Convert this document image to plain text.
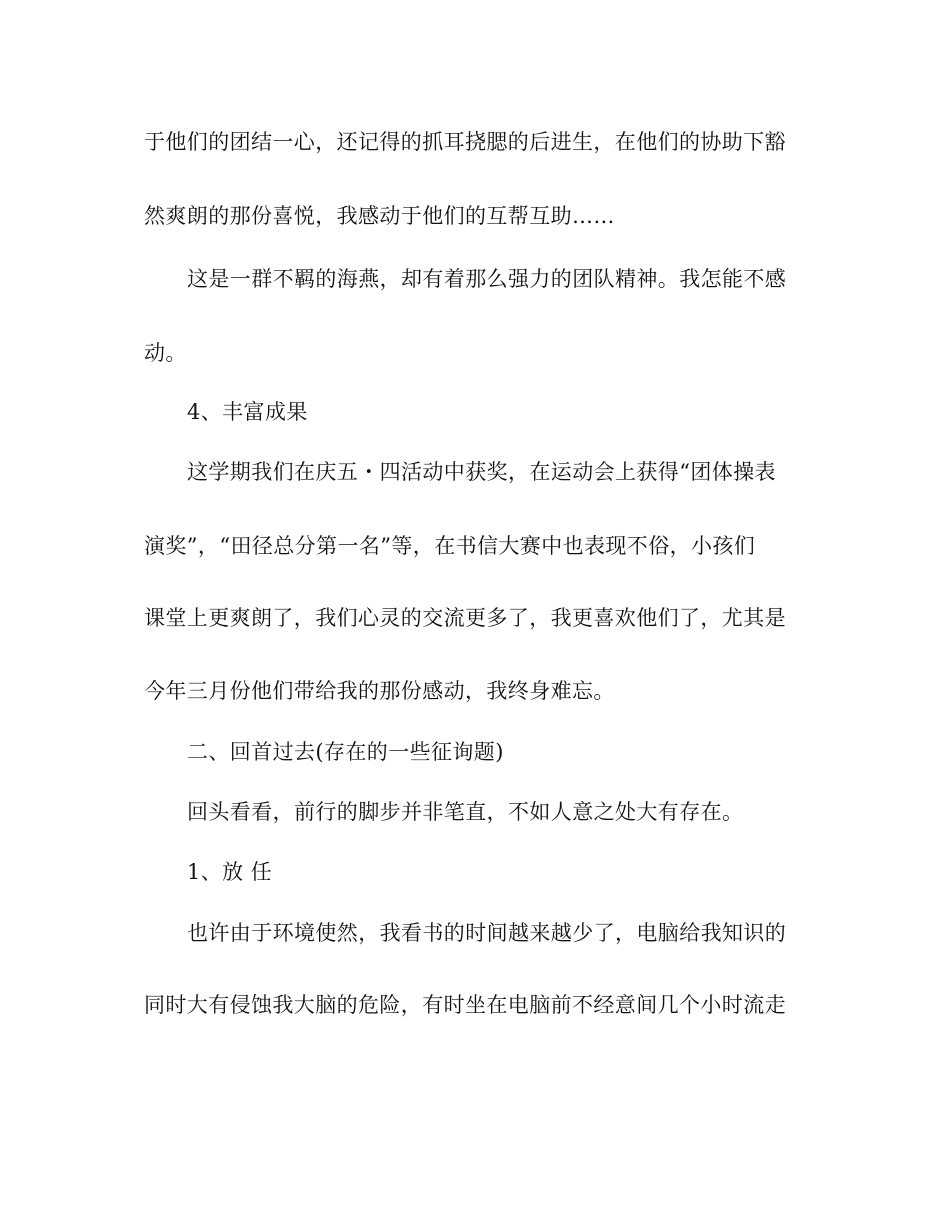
于他们的团结一心，还记得的抓耳挠腮的后进生，在他们的协助下豁
然爽朗的那份喜悦，我感动于他们的互帮互助……
这是一群不羁的海燕，却有着那么强力的团队精神。我怎能不感
动。
4、丰富成果
这学期我们在庆五・四活动中获奖，在运动会上获得“团体操表
演奖”，“田径总分第一名”等，在书信大赛中也表现不俗，小孩们
课堂上更爽朗了，我们心灵的交流更多了，我更喜欢他们了，尤其是
今年三月份他们带给我的那份感动，我终身难忘。
二、回首过去(存在的一些征询题)
回头看看，前行的脚步并非笔直，不如人意之处大有存在。
1、放 任
也许由于环境使然，我看书的时间越来越少了，电脑给我知识的
同时大有侵蚀我大脑的危险，有时坐在电脑前不经意间几个小时流走
